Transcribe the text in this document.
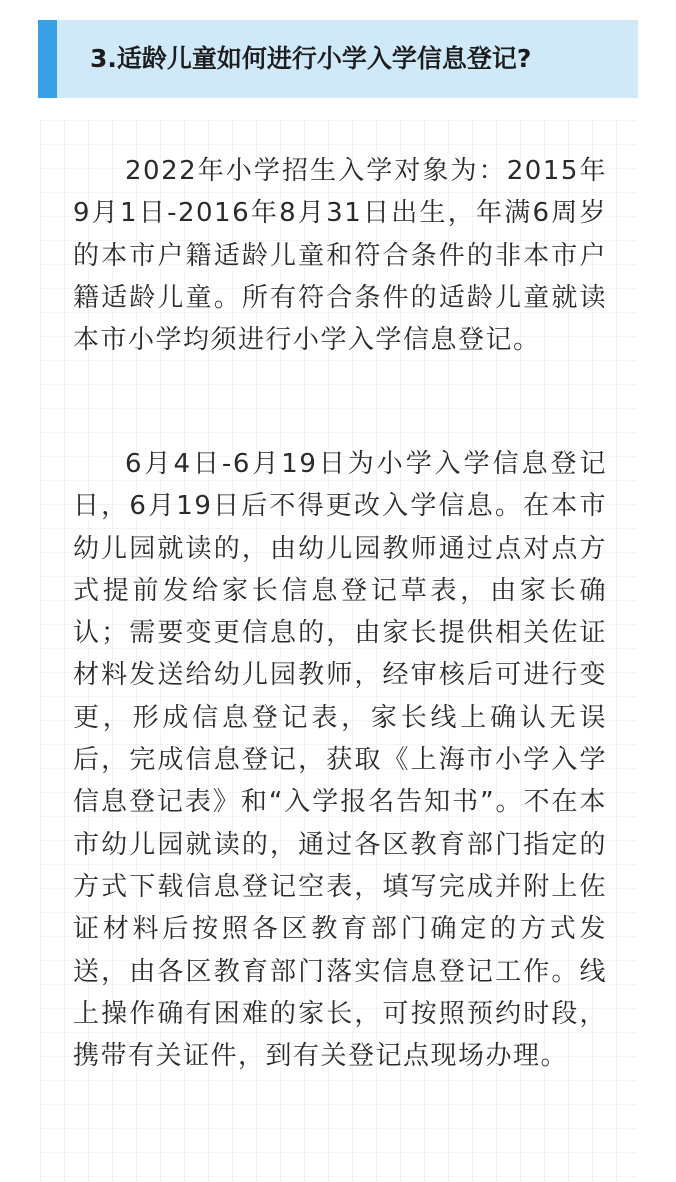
3.适龄儿童如何进行小学入学信息登记?

2022年小学招生入学对象为：2015年9月1日-2016年8月31日出生，年满6周岁的本市户籍适龄儿童和符合条件的非本市户籍适龄儿童。所有符合条件的适龄儿童就读本市小学均须进行小学入学信息登记。

6月4日-6月19日为小学入学信息登记日，6月19日后不得更改入学信息。在本市幼儿园就读的，由幼儿园教师通过点对点方式提前发给家长信息登记草表，由家长确认；需要变更信息的，由家长提供相关佐证材料发送给幼儿园教师，经审核后可进行变更，形成信息登记表，家长线上确认无误后，完成信息登记，获取《上海市小学入学信息登记表》和“入学报名告知书”。不在本市幼儿园就读的，通过各区教育部门指定的方式下载信息登记空表，填写完成并附上佐证材料后按照各区教育部门确定的方式发送，由各区教育部门落实信息登记工作。线上操作确有困难的家长，可按照预约时段，携带有关证件，到有关登记点现场办理。
